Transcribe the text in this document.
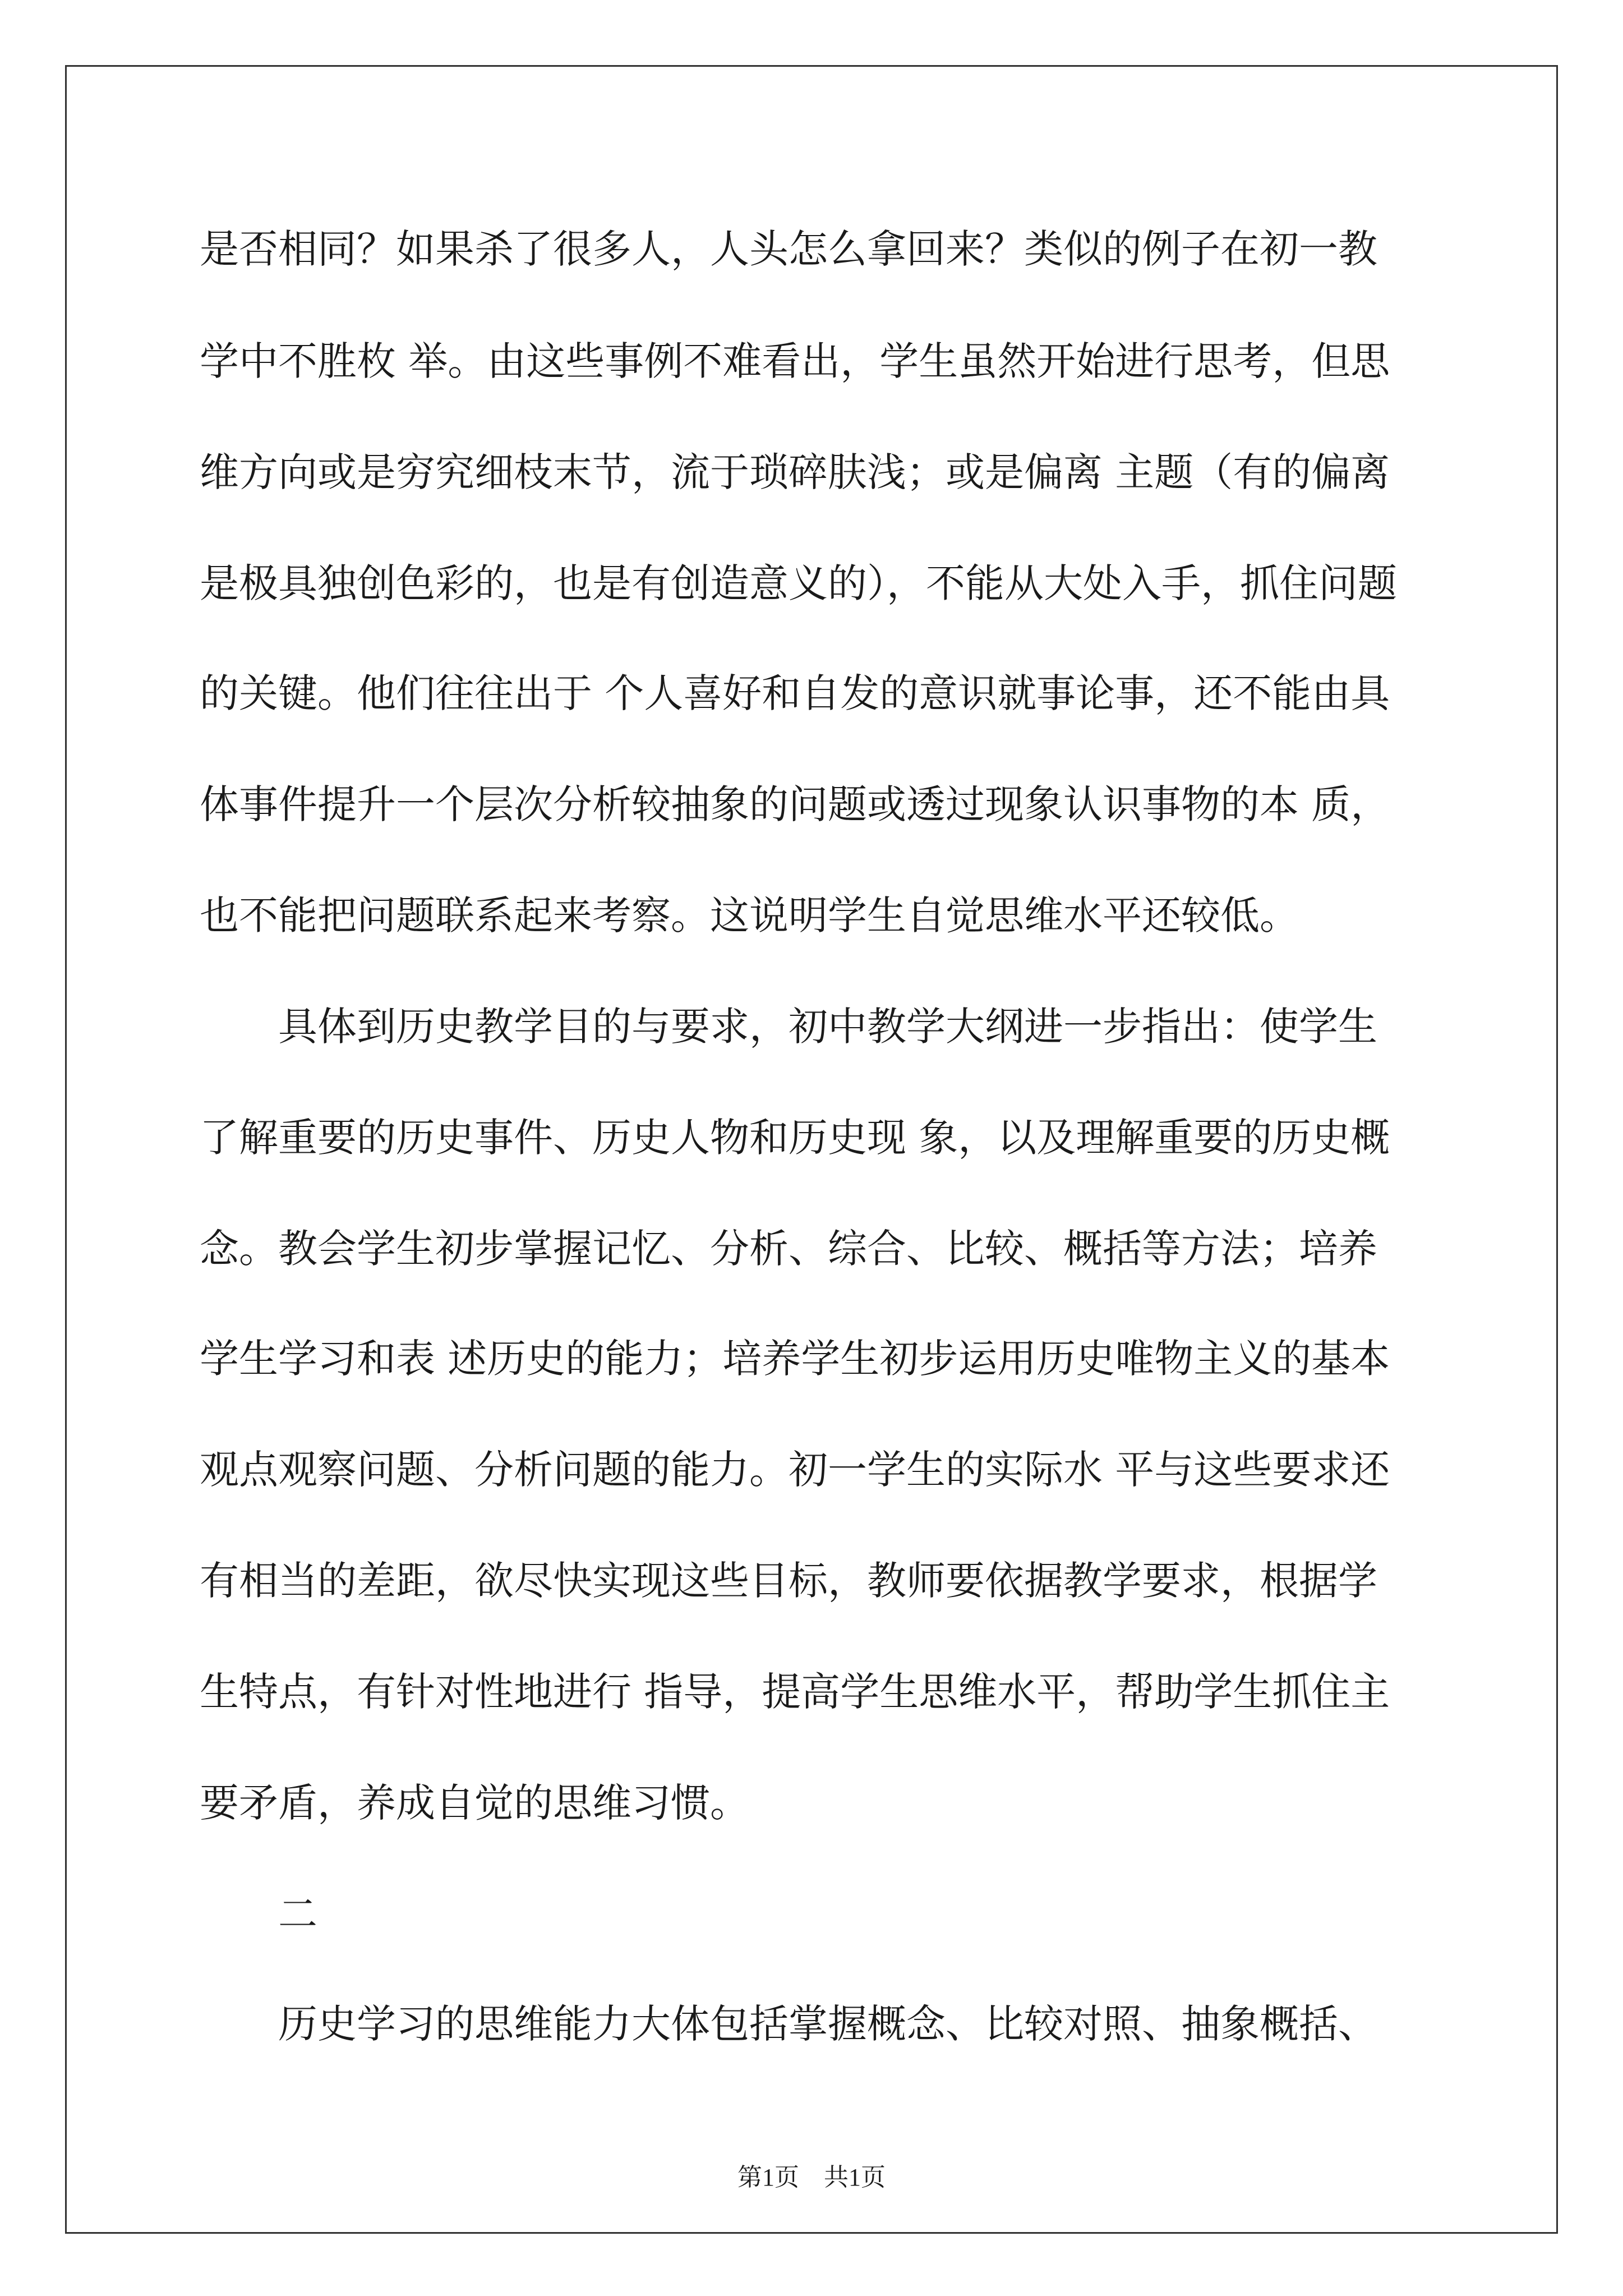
是否相同？如果杀了很多人，人头怎么拿回来？类似的例子在初一教
学中不胜枚 举。由这些事例不难看出，学生虽然开始进行思考，但思
维方向或是穷究细枝末节，流于琐碎肤浅；或是偏离 主题（有的偏离
是极具独创色彩的，也是有创造意义的），不能从大处入手，抓住问题
的关键。他们往往出于 个人喜好和自发的意识就事论事，还不能由具
体事件提升一个层次分析较抽象的问题或透过现象认识事物的本 质，
也不能把问题联系起来考察。这说明学生自觉思维水平还较低。
具体到历史教学目的与要求，初中教学大纲进一步指出：使学生
了解重要的历史事件、历史人物和历史现 象，以及理解重要的历史概
念。教会学生初步掌握记忆、分析、综合、比较、概括等方法；培养
学生学习和表 述历史的能力；培养学生初步运用历史唯物主义的基本
观点观察问题、分析问题的能力。初一学生的实际水 平与这些要求还
有相当的差距，欲尽快实现这些目标，教师要依据教学要求，根据学
生特点，有针对性地进行 指导，提高学生思维水平，帮助学生抓住主
要矛盾，养成自觉的思维习惯。
二
历史学习的思维能力大体包括掌握概念、比较对照、抽象概括、
第1页　共1页
